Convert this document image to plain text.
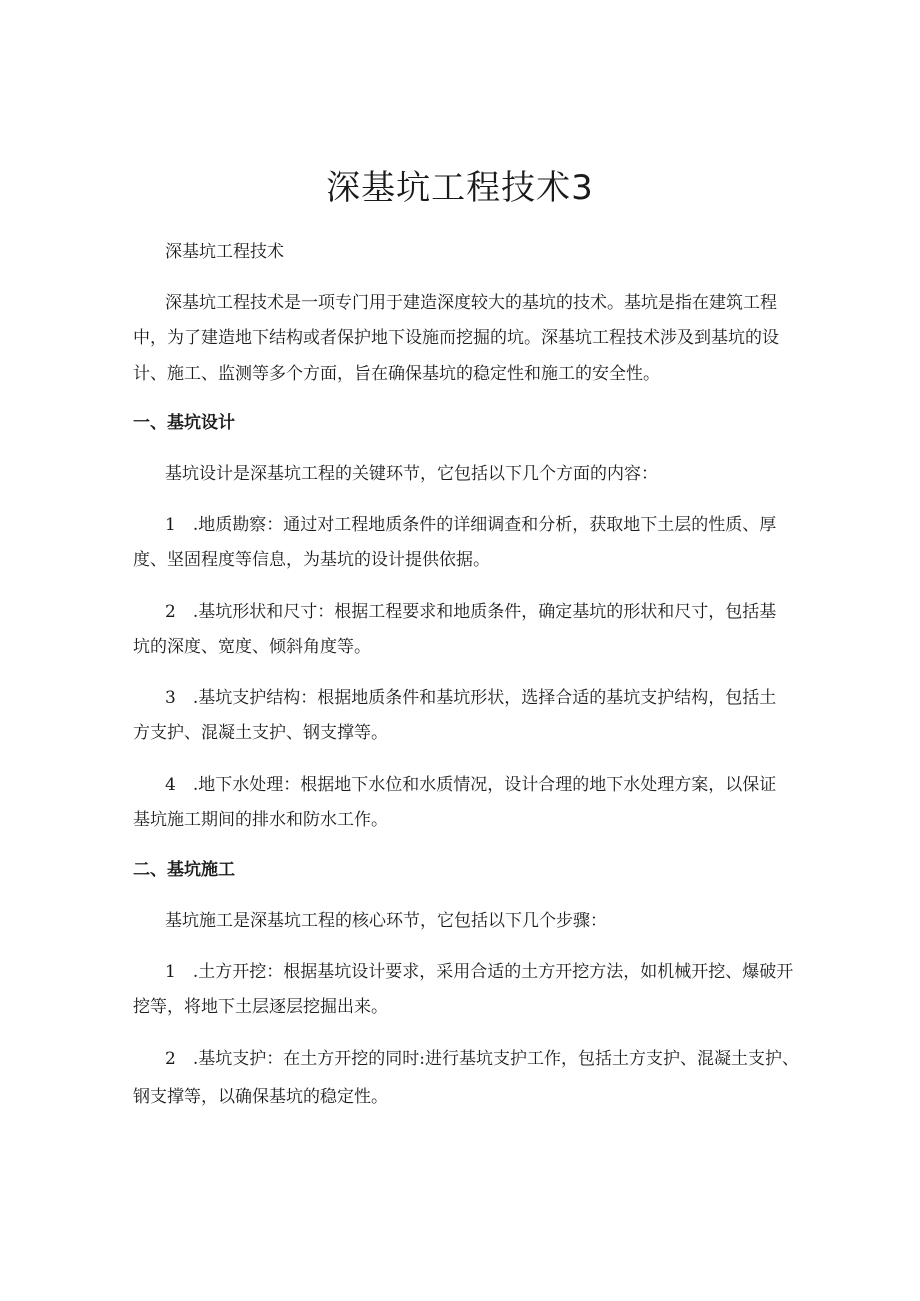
深基坑工程技术3

深基坑工程技术

深基坑工程技术是一项专门用于建造深度较大的基坑的技术。基坑是指在建筑工程

中，为了建造地下结构或者保护地下设施而挖掘的坑。深基坑工程技术涉及到基坑的设

计、施工、监测等多个方面，旨在确保基坑的稳定性和施工的安全性。

一、基坑设计

基坑设计是深基坑工程的关键环节，它包括以下几个方面的内容：

1　.地质勘察：通过对工程地质条件的详细调查和分析，获取地下土层的性质、厚

度、坚固程度等信息，为基坑的设计提供依据。

2　.基坑形状和尺寸：根据工程要求和地质条件，确定基坑的形状和尺寸，包括基

坑的深度、宽度、倾斜角度等。

3　.基坑支护结构：根据地质条件和基坑形状，选择合适的基坑支护结构，包括土

方支护、混凝土支护、钢支撑等。

4　.地下水处理：根据地下水位和水质情况，设计合理的地下水处理方案，以保证

基坑施工期间的排水和防水工作。

二、基坑施工

基坑施工是深基坑工程的核心环节，它包括以下几个步骤：

1　.土方开挖：根据基坑设计要求，采用合适的土方开挖方法，如机械开挖、爆破开

挖等，将地下土层逐层挖掘出来。

2　.基坑支护：在土方开挖的同时:进行基坑支护工作，包括土方支护、混凝土支护、

钢支撑等，以确保基坑的稳定性。
